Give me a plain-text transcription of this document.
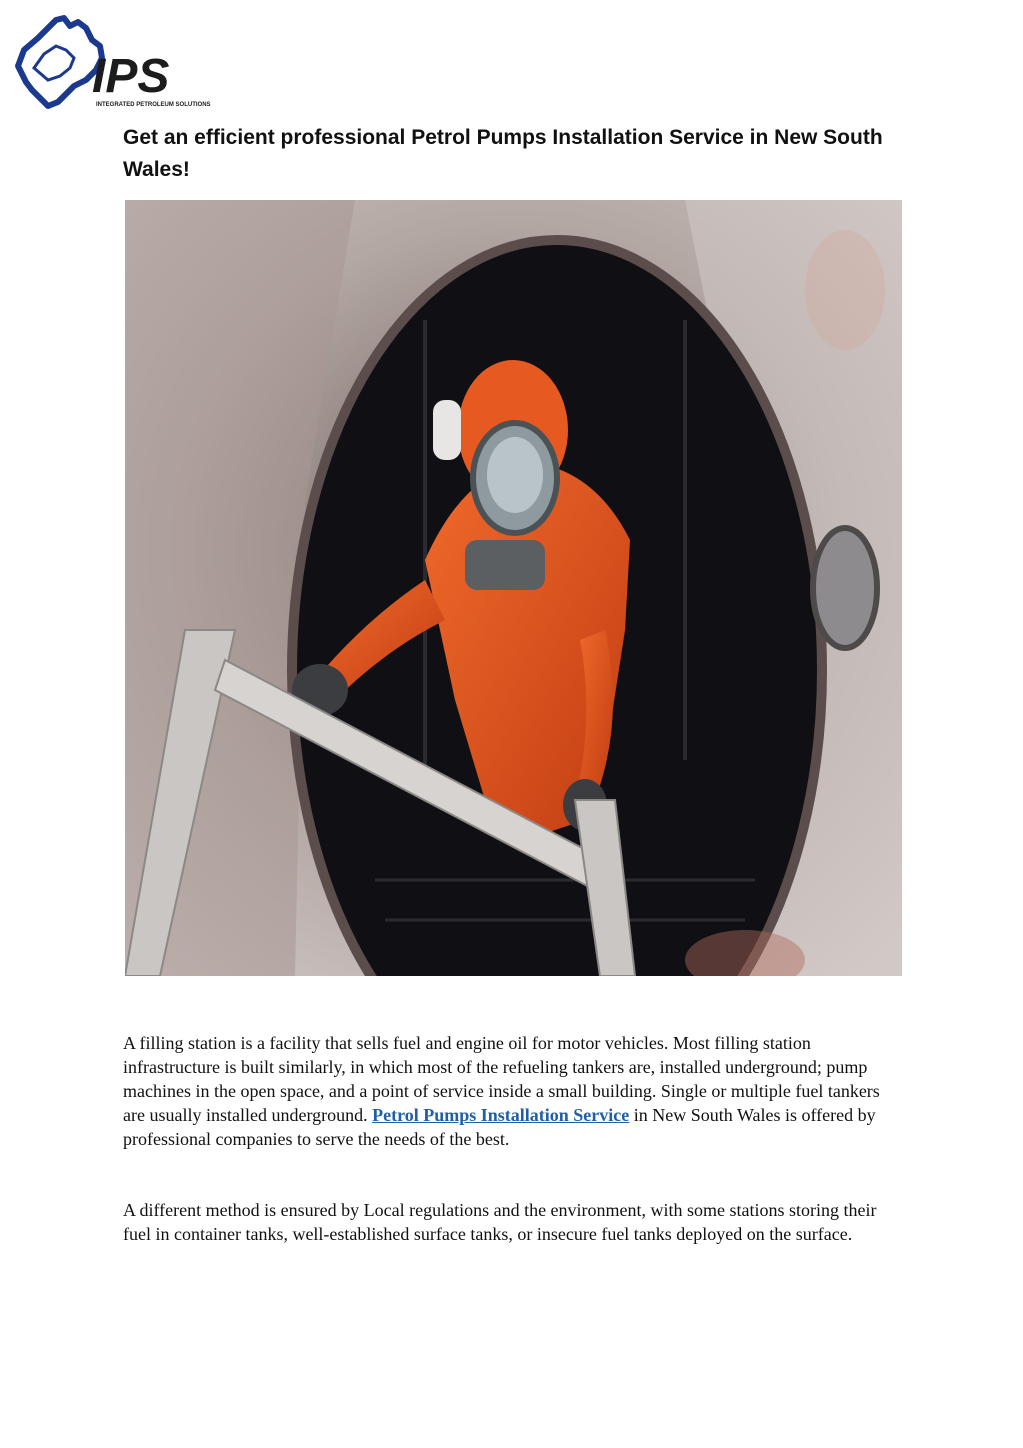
IPS
INTEGRATED PETROLEUM SOLUTIONS
Get an efficient professional Petrol Pumps Installation Service in New South Wales!

A filling station is a facility that sells fuel and engine oil for motor vehicles. Most filling station infrastructure is built similarly, in which most of the refueling tankers are, installed underground; pump machines in the open space, and a point of service inside a small building. Single or multiple fuel tankers are usually installed underground. Petrol Pumps Installation Service in New South Wales is offered by professional companies to serve the needs of the best.

A different method is ensured by Local regulations and the environment, with some stations storing their fuel in container tanks, well-established surface tanks, or insecure fuel tanks deployed on the surface.
